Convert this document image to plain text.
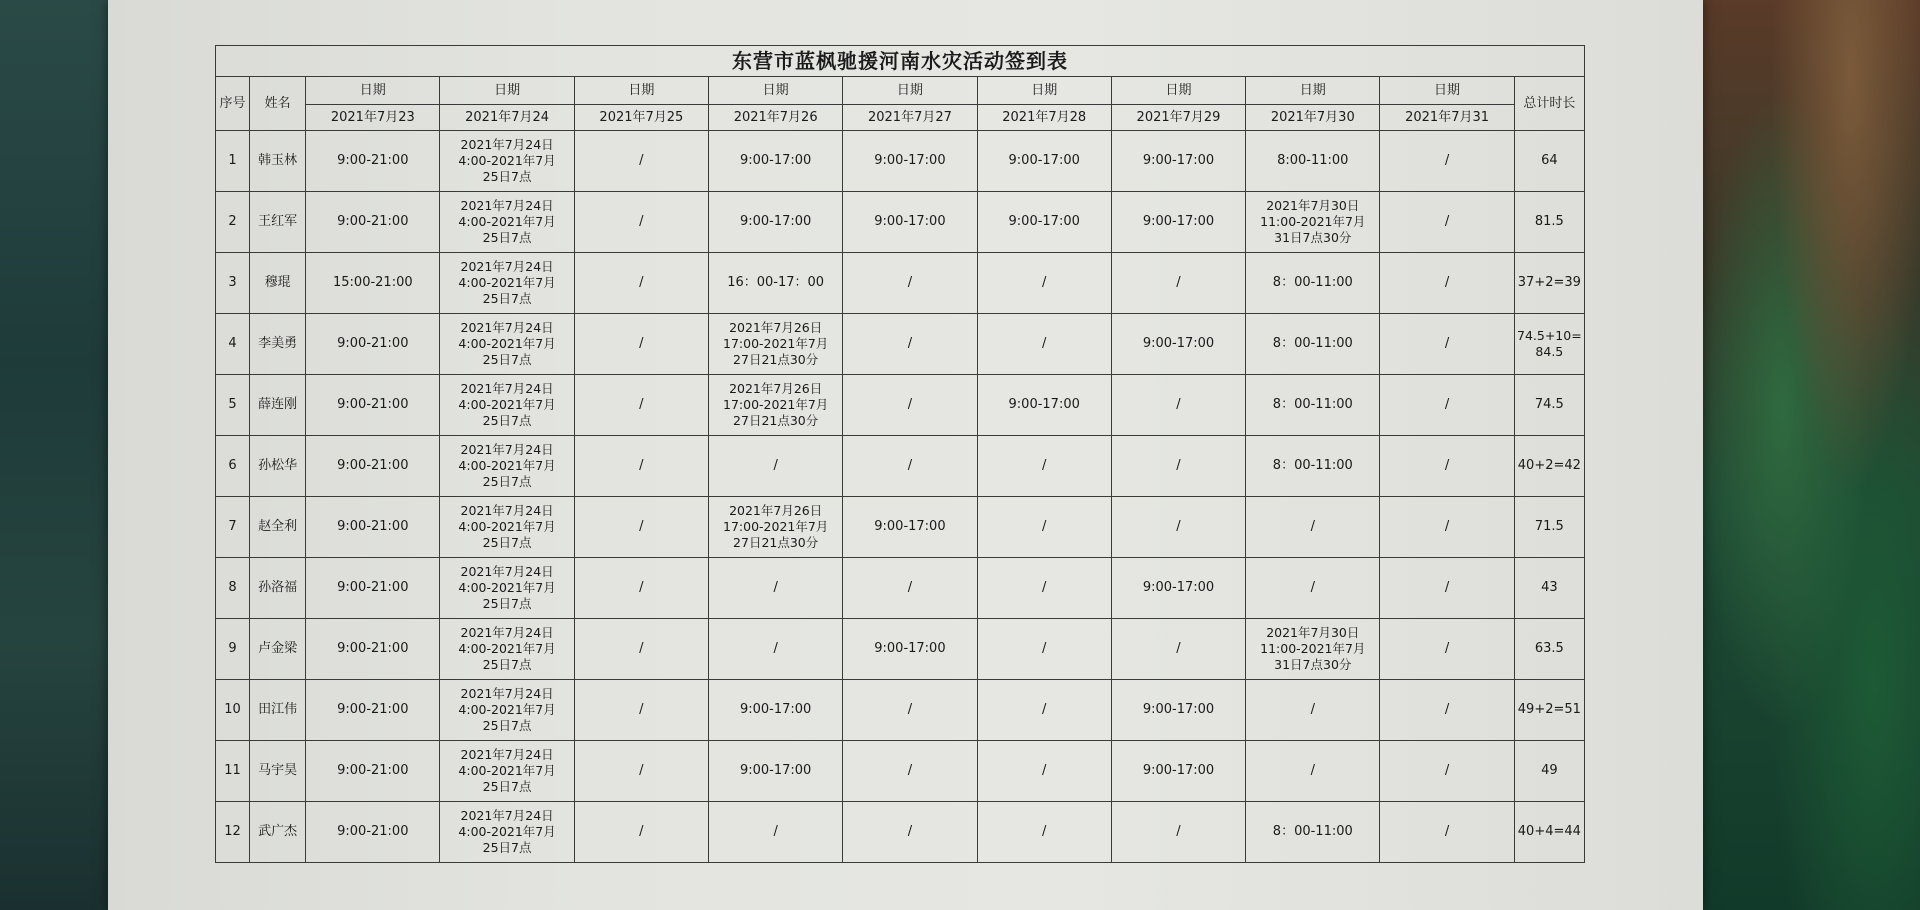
东营市蓝枫驰援河南水灾活动签到表											
序号	姓名	日期	日期	日期	日期	日期	日期	日期	日期	日期	总计时长
		2021年7月23	2021年7月24	2021年7月25	2021年7月26	2021年7月27	2021年7月28	2021年7月29	2021年7月30	2021年7月31	
1	韩玉林	9:00-21:00	2021年7月24日
4:00-2021年7月
25日7点	/	9:00-17:00	9:00-17:00	9:00-17:00	9:00-17:00	8:00-11:00	/	64
2	王红军	9:00-21:00	2021年7月24日
4:00-2021年7月
25日7点	/	9:00-17:00	9:00-17:00	9:00-17:00	9:00-17:00	2021年7月30日
11:00-2021年7月
31日7点30分	/	81.5
3	穆琨	15:00-21:00	2021年7月24日
4:00-2021年7月
25日7点	/	16：00-17：00	/	/	/	8：00-11:00	/	37+2=39
4	李美勇	9:00-21:00	2021年7月24日
4:00-2021年7月
25日7点	/	2021年7月26日
17:00-2021年7月
27日21点30分	/	/	9:00-17:00	8：00-11:00	/	74.5+10=
84.5
5	薛连刚	9:00-21:00	2021年7月24日
4:00-2021年7月
25日7点	/	2021年7月26日
17:00-2021年7月
27日21点30分	/	9:00-17:00	/	8：00-11:00	/	74.5
6	孙松华	9:00-21:00	2021年7月24日
4:00-2021年7月
25日7点	/	/	/	/	/	8：00-11:00	/	40+2=42
7	赵全利	9:00-21:00	2021年7月24日
4:00-2021年7月
25日7点	/	2021年7月26日
17:00-2021年7月
27日21点30分	9:00-17:00	/	/	/	/	71.5
8	孙洛福	9:00-21:00	2021年7月24日
4:00-2021年7月
25日7点	/	/	/	/	9:00-17:00	/	/	43
9	卢金梁	9:00-21:00	2021年7月24日
4:00-2021年7月
25日7点	/	/	9:00-17:00	/	/	2021年7月30日
11:00-2021年7月
31日7点30分	/	63.5
10	田江伟	9:00-21:00	2021年7月24日
4:00-2021年7月
25日7点	/	9:00-17:00	/	/	9:00-17:00	/	/	49+2=51
11	马宇昊	9:00-21:00	2021年7月24日
4:00-2021年7月
25日7点	/	9:00-17:00	/	/	9:00-17:00	/	/	49
12	武广杰	9:00-21:00	2021年7月24日
4:00-2021年7月
25日7点	/	/	/	/	/	8：00-11:00	/	40+4=44
